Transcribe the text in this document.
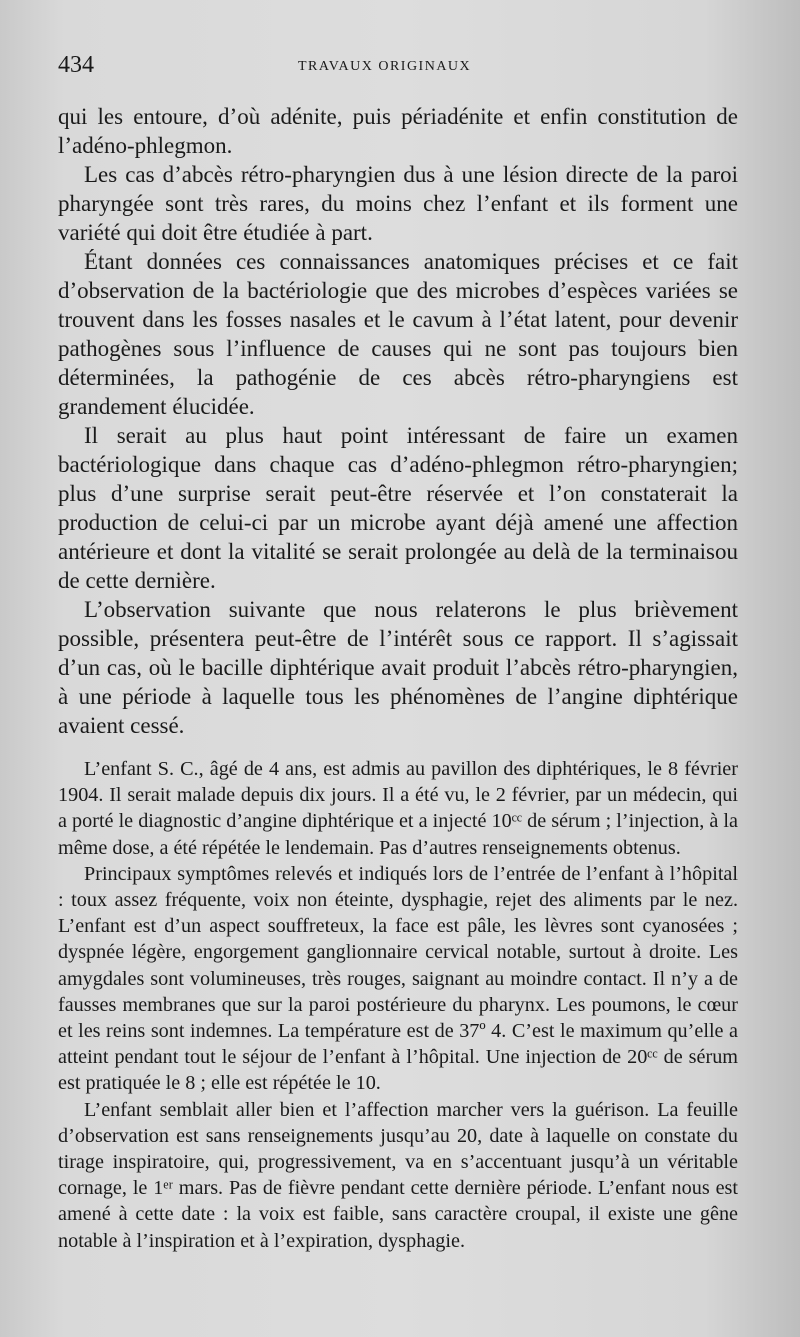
434	TRAVAUX ORIGINAUX

qui les entoure, d’où adénite, puis périadénite et enfin constitution de l’adéno-phlegmon.

Les cas d’abcès rétro-pharyngien dus à une lésion directe de la paroi pharyngée sont très rares, du moins chez l’enfant et ils forment une variété qui doit être étudiée à part.

Étant données ces connaissances anatomiques précises et ce fait d’observation de la bactériologie que des microbes d’espèces variées se trouvent dans les fosses nasales et le cavum à l’état latent, pour devenir pathogènes sous l’influence de causes qui ne sont pas toujours bien déterminées, la pathogénie de ces abcès rétro-pharyngiens est grandement élucidée.

Il serait au plus haut point intéressant de faire un examen bactériologique dans chaque cas d’adéno-phlegmon rétro-pharyngien; plus d’une surprise serait peut-être réservée et l’on constaterait la production de celui-ci par un microbe ayant déjà amené une affection antérieure et dont la vitalité se serait prolongée au delà de la terminaisou de cette dernière.

L’observation suivante que nous relaterons le plus brièvement possible, présentera peut-être de l’intérêt sous ce rapport. Il s’agissait d’un cas, où le bacille diphtérique avait produit l’abcès rétro-pharyngien, à une période à laquelle tous les phénomènes de l’angine diphtérique avaient cessé.

L’enfant S. C., âgé de 4 ans, est admis au pavillon des diphtériques, le 8 février 1904. Il serait malade depuis dix jours. Il a été vu, le 2 février, par un médecin, qui a porté le diagnostic d’angine diphtérique et a injecté 10ᶜᶜ de sérum ; l’injection, à la même dose, a été répétée le lendemain. Pas d’autres renseignements obtenus.

Principaux symptômes relevés et indiqués lors de l’entrée de l’enfant à l’hôpital : toux assez fréquente, voix non éteinte, dysphagie, rejet des aliments par le nez. L’enfant est d’un aspect souffreteux, la face est pâle, les lèvres sont cyanosées ; dyspnée légère, engorgement ganglionnaire cervical notable, surtout à droite. Les amygdales sont volumineuses, très rouges, saignant au moindre contact. Il n’y a de fausses membranes que sur la paroi postérieure du pharynx. Les poumons, le cœur et les reins sont indemnes. La température est de 37º 4. C’est le maximum qu’elle a atteint pendant tout le séjour de l’enfant à l’hôpital. Une injection de 20ᶜᶜ de sérum est pratiquée le 8 ; elle est répétée le 10.

L’enfant semblait aller bien et l’affection marcher vers la guérison. La feuille d’observation est sans renseignements jusqu’au 20, date à laquelle on constate du tirage inspiratoire, qui, progressivement, va en s’accentuant jusqu’à un véritable cornage, le 1ᵉʳ mars. Pas de fièvre pendant cette dernière période. L’enfant nous est amené à cette date : la voix est faible, sans caractère croupal, il existe une gêne notable à l’inspiration et à l’expiration, dysphagie.
